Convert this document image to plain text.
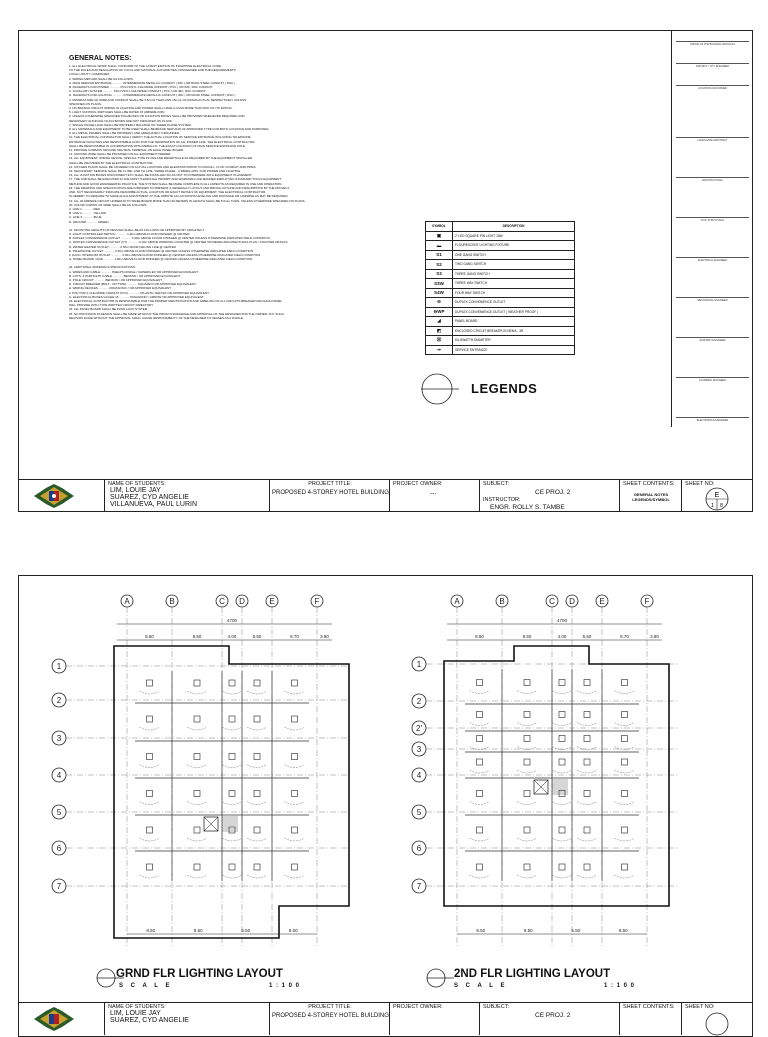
GENERAL NOTES:
1. ALL ELECTRICAL WORK SHALL CONFORM TO THE LATEST EDITION OF PHILIPPINE ELECTRICAL CODE
TO THE RULES AND REGULATION OF LOCAL AND NATIONAL AUTHORITIES CONCERNED AND THE REQUIREMENTS
LOCAL UTILITY COMPANIES.
2. WIRING METHOD SHALL BE AS FOLLOWS:
A. MAIN SERVICE ENTRANCE ............ INTERMEDIATE METALLIC CONDUIT ( IMC ) OR RIGID STEEL CONDUIT ( RSC )
B. RACEWAYS FOR POWER ............ POLYVINYL CHLORIDE CONDUIT ( PVC ) OR IMC, RSC CONDUIT
C. AUXILLARY SYSTEM ............ POLYVINYL CHLORIDE CONDUIT ( PVC ) OR IMC, RSC CONDUIT
D. RACEWAYS FOR LIGHTING ............ INTERMEDIATE METALLIC CONDUIT ( IMC ) OR RIGID STEEL CONDUIT ( RSC )
3. MINIMUM SIZE OF WIRE AND CONDUIT SHALL BE 3.5mm2 THHN AND 15mm( 1/2 )DIAMA ACTUAL RESPECTIVELY UNLESS
SPECIFIED ON PLANS.
4. NO BRANCH CIRCUIT WIRING IN LIGHTING AND POWER SHALL HAVE A LOAD MORE THAN 80% OF ITS RATING.
5. LIGHT CONTROL SWITCHES SHALL BE RATED 15 AMPERE 230V.
6. UNLESS OTHERWISE SPECIFIED PULLBOXES OR JUNCTION BOXES SHALL BE PROVIDED WHENEVER REQUIRED AND
NECESSARY ALTHOUGH SUCH BOXES ARE NOT INDICATED ON PLANS.
7. SINGLE PHASE LOAD SHALL BE PROPERLY BALANCE ON THREE PHASE SYSTEM.
8. ALL MATERIALS AND EQUIPMENT TO BE USED SHALL BE BRAND NEW AND OF APPROVED TYPE FOR BOTH LOCATION AND PURPOSES.
9. ALL METAL FRAMES SHALL BE PROPERLY AND ADEQUATELY GROUNDED.
10. THE ELECTRICAL CONTRACTOR SHALL VERIFY THE ACTUAL LOCATION OF SERVICE ENTRANCE INCLUDING TELEPHONE
ENTRANCE FACILITIES AND RESPONSIBLE ALSO FOR THE TERMINATION OF ALL POWER LINE. THE ELECTRICAL CONTRACTOR
SHALL BE RESPONSIBLE IN COORDINATION WITH MERALCO. THE EXACT LOCATION OF MAIN SERVICE ENTRANCE POLE
11. PROVIDE COMMON GROUND NEUTRAL TERMINAL ON EACH PANEL BOARD.
12. GROUND WIRE SHALL BE PROVIDED ON ALL EQUIPMENT FEEDER.
13. ALL EQUIPMENT, WIRING DEVICE, SPECIAL TYPE PLUGS AND RECEPTACLE AS REQUIRED BY THE EQUIPMENT INSTALLER
SHALL BE PROVIDED BY THE ELECTRICAL CONTRACTOR.
14. KITCHEN PLANS SHALL BE COVERED ON ACTUAL LOCATION AND ELEVATION PRIOR TO ROUGH - IN OF CONDUIT AND PIPES.
15. SECONDARY SERVICE SHALL BE 3 LINE, LINE TO LINE, THREE PHASE - 4 WIRES 230V, FOR POWER AND LIGHTING.
16. ALL JUNCTION BOXES DISCONNECT ETC SHALL BE INSTALLED SO AS NOT TO INTERFERE WITH EQUIPMENT PLACEMENT.
17. THE JOB SHALL BE EXECUTED IN THE MOST THOROUGH PROMPT AND WORKMAN LIKE MANNER EMPLOYING STANDARD TOOLS EQUIPMENT
METHOD AND GOOD ENGINEERING PRACTICE. THE SYSTEM SHALL BE MADE COMPLETE IN ALL ASPECTS AS REQUIRED IN USE AND OPERATION.
18. THE DRAWING AND SPECIFICATION ARE INTENDED TO PRESENT A GENERALLY LAYOUT AND BROAD OUTLINE AND DESCRIPTION BY THE PROJECT
AND, NOT NECESSARILY INDICATE DESCRIBE ACTUAL LOCATION OR EXACT DETAILS OF EQUIPMENT. THE ELECTRICAL CONTRACTOR
IS HEREBY TO REQUIRE TO MAKE SUCH ADJUSTMENT AT THE JOBSITE AS LOCATIONS LEVELING AND DISTANCE OR LIKEWISE AS MAY BE REQUIRED.
19. ALL 20 AMPERE CIRCUIT HOMERUN TO PANELBOARD MORE THAN 30 METERS IN LENGTH SHALL BE 5.5mm THHN, UNLESS OTHERWISE SPECIFIED ON PLANS.
20. COLOR CODING OF WIRE SHALL BE AS FOLLOWS:
A. LINE 1 ............ RED
B. LINE 2 ............ YELLOW
C. LINE 3 ............ BLUE
D. GROUND ............ GREEN
21. MOUNTING HEIGHTS OF DEVICES SHALL BE AS FOLLOWS OR APPROVED BY ARCHITECT.
A. LIGHT CONTROLLED SWITCH ............ 1.20m ABOVE FLOOR FINISHED @ CENTER
B. DUPLEX CONVENIENCE OUTLET ............ 0.30m ABOVE FLOOR FINISHED @ CENTER UNLESS OTHERWISE INDICATED FIELD CONDITION
C. DUPLEX CONVENIENCE OUTLET (CT) ............ 0.10m ABOVE WORKING COUNTER @ CENTER OR REFER ARCHITECTURAL PLAN / COUNTER DETAILS
D. WATER HEATER OUTLET ............ 0.50m FROM CEILING LINE @ CENTER
E. TELEPHONE OUTLET ............ 0.30m ABOVE FLOOR FINISHED @ CENTER UNLESS OTHERWISE INDICATED FIELD CONDITION
F. DATA / INTERCOM OUTLET ............ 0.30m ABOVE FLOOR FINISHED @ CENTER UNLESS OTHERWISE INDICATED FIELD CONDITION
G. PANEL BOARD / ECB ............ 1.60m ABOVE FLOOR FINISHED @ CENTER UNLESS OTHERWISE INDICATED FIELD CONDITION
22. ADDITIONAL MATERIALS SPECIFICATIONS:
A. WIRES AND CABLE ............ PHELPS DODGE / SUPERFLEX OR APPROVED EQUIVALENT
B. CUTS, 4 PARTS ETP CABLE ............ BENSON / OR APPROVED EQUIVALENT
C. POLE CIRCUIT ............ BENSON / OR APPROVED EQUIVALENT
D. CIRCUIT BREAKER (BOLT - ON TYPE) ............ SQUARE D OR APPROVED EQUIVALENT
E. WIRING DEVICES ............ PANASONIC / OR APPROVED EQUIVALENT
F. POLYVINYL CHLORIDE CONDUIT (PVC) ............ ATLANTA / NELTEX OR APPROVED EQUIVALENT
G. ELECTRICAL BOXES GAUGE 16 ............ PANASONIC / ARROW OR APPROVED EQUIVALENT
23. ELECTRICAL CONTRACTOR IS RESPONSIBLE FOR THE PROPER IDENTIFICATION AND LABELING OF ALL CIRCUITS BREAKER AND EACH PANEL.
WILL PROVIDE WITH TYPE WRITTEN CIRCUIT DIRECTORY.
24. ALL PANEL BOARD SHALL BE PUSH LOCK SYSTEM.
25. NO PROVISION IN DESIGN SHALL BE MADE WITHOUT THE PRIOR KNOWLEDGE AND APPROVAL OF THE DESIGNER AND THE OWNER. ANY SUCH
REVISION DONE WITHOUT THE APPROVAL SHALL CAUSE RESPONSIBILITY OF THE DESIGNER TO CEASES AS A WHOLE.
SYMBOL	DESCRIPTION
▣	2' LED SQUARE PIN LIGHT 18W
▬	FLOURESCENT LIGHTING FIXTURE
S1	ONE GANG SWITCH
S2	TWO GANG SWITCH
S3	THREE GANG SWITCH
S3W	THREE WAY SWITCH
S4W	FOUR WAY SWITCH
⊖	DUPLEX CONVENIENCE OUTLET
⊖WP	DUPLEX CONVENIENCE OUTLET ( WEATHER PROOF )
◢	PANEL BOARD
◩	ENCLOSED CIRCUIT BREAKER IN NEMA - 3R
Ⓜ	KILOWATTH DIAMETER
⇒	SERVICE ENTRANCE
LEGENDS
OFFICE OF THE BUILDING OFFICIALS
DISTRICT / CITY ENGINEER
LOCATION AND OWNER
LANDSCAPE ARCHITECT
ARCHITECTURAL
CIVIL STRUCTURAL
ELECTRICAL ENGINEER
MECHANICAL ENGINEER
SANITARY ENGINEER
PLUMBING ENGINEER
ELECTRONICS ENGINEER
NAME OF STUDENTS:
LIM, LOUIE JAY
SUAREZ, CYD ANGELIE
VILLANUEVA, PAUL LURIN
PROJECT TITLE:
PROPOSED 4-STOREY HOTEL BUILDING
PROJECT OWNER:
---
SUBJECT:
CE PROJ. 2
INSTRUCTOR:
ENGR. ROLLY S. TAMBE
SHEET CONTENTS:
GENERAL NOTES LEGENDS/SYMBOL
SHEET NO:
E
1 8
A	B	C D	E	F
4700
8.50	9.50	4.00	5.50	8.70	3.80
1
2
3
4
5
6
7
8.50	9.50	5.50	8.50
A	B	C D	E	F
4700
8.50	9.50	4.00	5.50	8.70	3.80
1
2
2'
3
4
5
6
7
8.50	9.50	5.50	8.50
GRND FLR LIGHTING LAYOUT
S C A L E	1 : 1 0 0
2ND FLR LIGHTING LAYOUT
S C A L E	1 : 1 0 0
NAME OF STUDENTS:
LIM, LOUIE JAY
SUAREZ, CYD ANGELIE
PROJECT TITLE:
PROPOSED 4-STOREY HOTEL BUILDING
PROJECT OWNER:	SUBJECT:
CE PROJ. 2
SHEET CONTENTS: SHEET NO:
